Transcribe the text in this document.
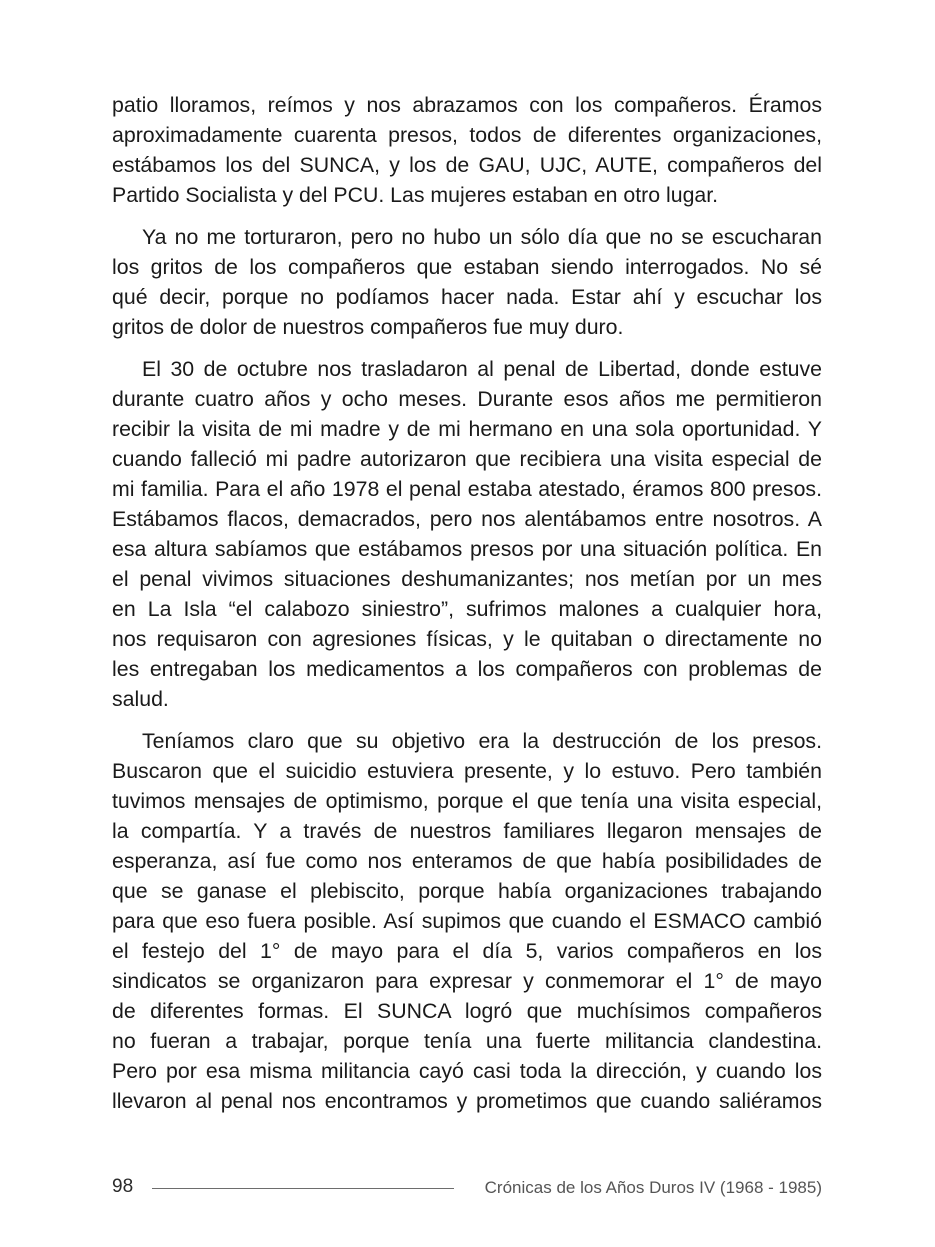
patio lloramos, reímos y nos abrazamos con los compañeros. Éramos
aproximadamente cuarenta presos, todos de diferentes organizaciones,
estábamos los del SUNCA, y los de GAU, UJC, AUTE, compañeros del
Partido Socialista y del PCU. Las mujeres estaban en otro lugar.
Ya no me torturaron, pero no hubo un sólo día que no se escucharan
los gritos de los compañeros que estaban siendo interrogados. No sé
qué decir, porque no podíamos hacer nada. Estar ahí y escuchar los
gritos de dolor de nuestros compañeros fue muy duro.
El 30 de octubre nos trasladaron al penal de Libertad, donde estuve
durante cuatro años y ocho meses. Durante esos años me permitieron
recibir la visita de mi madre y de mi hermano en una sola oportunidad. Y
cuando falleció mi padre autorizaron que recibiera una visita especial de
mi familia. Para el año 1978 el penal estaba atestado, éramos 800 presos.
Estábamos flacos, demacrados, pero nos alentábamos entre nosotros. A
esa altura sabíamos que estábamos presos por una situación política. En
el penal vivimos situaciones deshumanizantes; nos metían por un mes
en La Isla “el calabozo siniestro”, sufrimos malones a cualquier hora,
nos requisaron con agresiones físicas, y le quitaban o directamente no
les entregaban los medicamentos a los compañeros con problemas de
salud.
Teníamos claro que su objetivo era la destrucción de los presos.
Buscaron que el suicidio estuviera presente, y lo estuvo. Pero también
tuvimos mensajes de optimismo, porque el que tenía una visita especial,
la compartía. Y a través de nuestros familiares llegaron mensajes de
esperanza, así fue como nos enteramos de que había posibilidades de
que se ganase el plebiscito, porque había organizaciones trabajando
para que eso fuera posible. Así supimos que cuando el ESMACO cambió
el festejo del 1° de mayo para el día 5, varios compañeros en los
sindicatos se organizaron para expresar y conmemorar el 1° de mayo
de diferentes formas. El SUNCA logró que muchísimos compañeros
no fueran a trabajar, porque tenía una fuerte militancia clandestina.
Pero por esa misma militancia cayó casi toda la dirección, y cuando los
llevaron al penal nos encontramos y prometimos que cuando saliéramos
98	Crónicas de los Años Duros IV (1968 - 1985)
